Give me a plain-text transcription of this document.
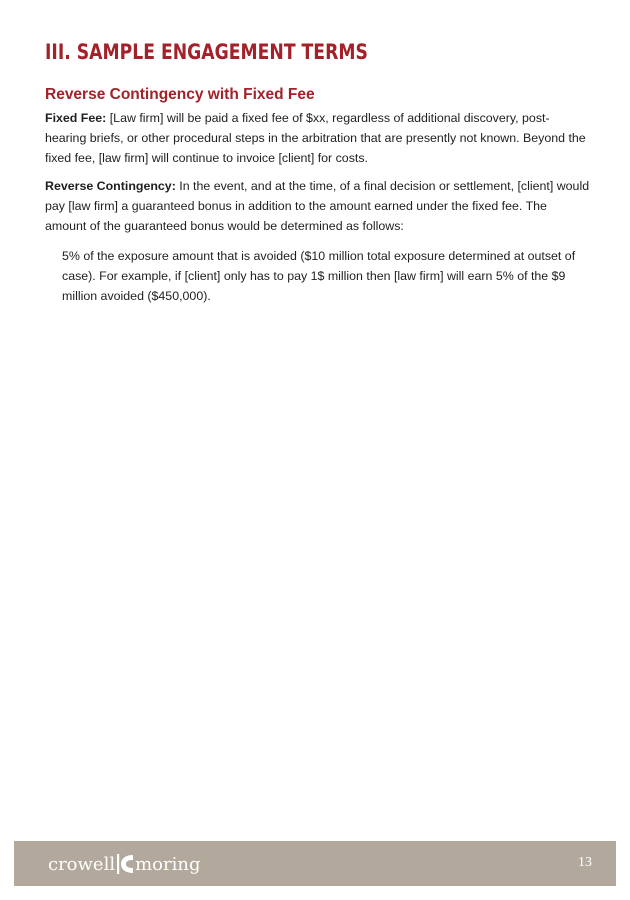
III. SAMPLE ENGAGEMENT TERMS
Reverse Contingency with Fixed Fee

Fixed Fee: [Law firm] will be paid a fixed fee of $xx, regardless of additional discovery, post-hearing briefs, or other procedural steps in the arbitration that are presently not known. Beyond the fixed fee, [law firm] will continue to invoice [client] for costs.

Reverse Contingency: In the event, and at the time, of a final decision or settlement, [client] would pay [law firm] a guaranteed bonus in addition to the amount earned under the fixed fee. The amount of the guaranteed bonus would be determined as follows:

5% of the exposure amount that is avoided ($10 million total exposure determined at outset of case). For example, if [client] only has to pay 1$ million then [law firm] will earn 5% of the $9 million avoided ($450,000).

crowell moring	13
